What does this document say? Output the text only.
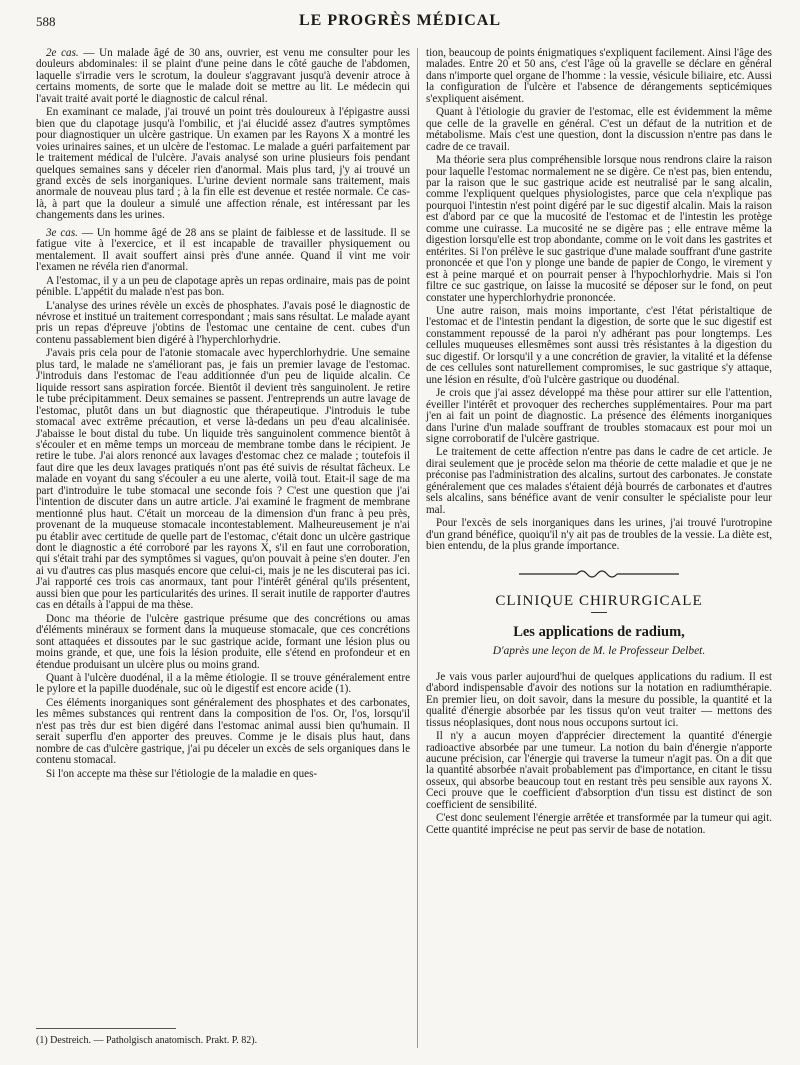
588	LE PROGRÈS MÉDICAL

2e cas. — Un malade âgé de 30 ans, ouvrier, est venu me consulter pour les douleurs abdominales: il se plaint d'une peine dans le côté gauche de l'abdomen, laquelle s'irradie vers le scrotum, la douleur s'aggravant jusqu'à devenir atroce à certains moments, de sorte que le malade doit se mettre au lit. Le médecin qui l'avait traité avait porté le diagnostic de calcul rénal.

En examinant ce malade, j'ai trouvé un point très douloureux à l'épigastre aussi bien que du clapotage jusqu'à l'ombilic, et j'ai élucidé assez d'autres symptômes pour diagnostiquer un ulcère gastrique. Un examen par les Rayons X a montré les voies urinaires saines, et un ulcère de l'estomac. Le malade a guéri parfaitement par le traitement médical de l'ulcère. J'avais analysé son urine plusieurs fois pendant quelques semaines sans y déceler rien d'anormal. Mais plus tard, j'y ai trouvé un grand excès de sels inorganiques. L'urine devient normale sans traitement, mais anormale de nouveau plus tard ; à la fin elle est devenue et restée normale. Ce cas-là, à part que la douleur a simulé une affection rénale, est intéressant par les changements dans les urines.

3e cas. — Un homme âgé de 28 ans se plaint de faiblesse et de lassitude. Il se fatigue vite à l'exercice, et il est incapable de travailler physiquement ou mentalement. Il avait souffert ainsi près d'une année. Quand il vint me voir l'examen ne révéla rien d'anormal.

A l'estomac, il y a un peu de clapotage après un repas ordinaire, mais pas de point pénible. L'appétit du malade n'est pas bon.

L'analyse des urines révèle un excès de phosphates. J'avais posé le diagnostic de névrose et institué un traitement correspondant ; mais sans résultat. Le malade ayant pris un repas d'épreuve j'obtins de l'estomac une centaine de cent. cubes d'un contenu passablement bien digéré à l'hyperchlorhydrie.

J'avais pris cela pour de l'atonie stomacale avec hyperchlorhydrie. Une semaine plus tard, le malade ne s'améliorant pas, je fais un premier lavage de l'estomac. J'introduis dans l'estomac de l'eau additionnée d'un peu de liquide alcalin. Ce liquide ressort sans aspiration forcée. Bientôt il devient très sanguinolent. Je retire le tube précipitamment. Deux semaines se passent. J'entreprends un autre lavage de l'estomac, plutôt dans un but diagnostic que thérapeutique. J'introduis le tube stomacal avec extrême précaution, et verse là-dedans un peu d'eau alcalinisée. J'abaisse le bout distal du tube. Un liquide très sanguinolent commence bientôt à s'écouler et en même temps un morceau de membrane tombe dans le récipient. Je retire le tube. J'ai alors renoncé aux lavages d'estomac chez ce malade ; toutefois il faut dire que les deux lavages pratiqués n'ont pas été suivis de résultat fâcheux. Le malade en voyant du sang s'écouler a eu une alerte, voilà tout. Etait-il sage de ma part d'introduire le tube stomacal une seconde fois ? C'est une question que j'ai l'intention de discuter dans un autre article. J'ai examiné le fragment de membrane mentionné plus haut. C'était un morceau de la dimension d'un franc à peu près, provenant de la muqueuse stomacale incontestablement. Malheureusement je n'ai pu établir avec certitude de quelle part de l'estomac, c'était donc un ulcère gastrique dont le diagnostic a été corroboré par les rayons X, s'il en faut une corroboration, qui s'était trahi par des symptômes si vagues, qu'on pouvait à peine s'en douter. J'en ai vu d'autres cas plus masqués encore que celui-ci, mais je ne les discuterai pas ici. J'ai rapporté ces trois cas anormaux, tant pour l'intérêt général qu'ils présentent, aussi bien que pour les particularités des urines. Il serait inutile de rapporter d'autres cas en détails à l'appui de ma thèse.

Donc ma théorie de l'ulcère gastrique présume que des concrétions ou amas d'éléments minéraux se forment dans la muqueuse stomacale, que ces concrétions sont attaquées et dissoutes par le suc gastrique acide, formant une lésion plus ou moins grande, et que, une fois la lésion produite, elle s'étend en profondeur et en étendue produisant un ulcère plus ou moins grand.

Quant à l'ulcère duodénal, il a la même étiologie. Il se trouve généralement entre le pylore et la papille duodénale, suc où le digestif est encore acide (1).

Ces éléments inorganiques sont généralement des phosphates et des carbonates, les mêmes substances qui rentrent dans la composition de l'os. Or, l'os, lorsqu'il n'est pas très dur est bien digéré dans l'estomac animal aussi bien qu'humain. Il serait superflu d'en apporter des preuves. Comme je le disais plus haut, dans nombre de cas d'ulcère gastrique, j'ai pu déceler un excès de sels organiques dans le contenu stomacal.

Si l'on accepte ma thèse sur l'étiologie de la maladie en ques-

tion, beaucoup de points énigmatiques s'expliquent facilement. Ainsi l'âge des malades. Entre 20 et 50 ans, c'est l'âge où la gravelle se déclare en général dans n'importe quel organe de l'homme : la vessie, vésicule biliaire, etc. Aussi la configuration de l'ulcère et l'absence de dérangements septicémiques s'expliquent aisément.

Quant à l'étiologie du gravier de l'estomac, elle est évidemment la même que celle de la gravelle en général. C'est un défaut de la nutrition et de métabolisme. Mais c'est une question, dont la discussion n'entre pas dans le cadre de ce travail.

Ma théorie sera plus compréhensible lorsque nous rendrons claire la raison pour laquelle l'estomac normalement ne se digère. Ce n'est pas, bien entendu, par la raison que le suc gastrique acide est neutralisé par le sang alcalin, comme l'expliquent quelques physiologistes, parce que cela n'explique pas pourquoi l'intestin n'est point digéré par le suc digestif alcalin. Mais la raison est d'abord par ce que la mucosité de l'estomac et de l'intestin les protège comme une cuirasse. La mucosité ne se digère pas ; elle entrave même la digestion lorsqu'elle est trop abondante, comme on le voit dans les gastrites et entérites. Si l'on prélève le suc gastrique d'une malade souffrant d'une gastrite prononcée et que l'on y plonge une bande de papier de Congo, le virement y est à peine marqué et on pourrait penser à l'hypochlorhydrie. Mais si l'on filtre ce suc gastrique, on laisse la mucosité se déposer sur le fond, on peut constater une hyperchlorhydrie prononcée.

Une autre raison, mais moins importante, c'est l'état péristaltique de l'estomac et de l'intestin pendant la digestion, de sorte que le suc digestif est constamment repoussé de la paroi n'y adhérant pas pour longtemps. Les cellules muqueuses ellesmêmes sont aussi très résistantes à la digestion du suc digestif. Or lorsqu'il y a une concrétion de gravier, la vitalité et la défense de ces cellules sont naturellement compromises, le suc gastrique s'y attaque, une lésion en résulte, d'où l'ulcère gastrique ou duodénal.

Je crois que j'ai assez développé ma thèse pour attirer sur elle l'attention, éveiller l'intérêt et provoquer des recherches supplémentaires. Pour ma part j'en ai fait un point de diagnostic. La présence des éléments inorganiques dans l'urine d'un malade souffrant de troubles stomacaux est pour moi un signe corroboratif de l'ulcère gastrique.

Le traitement de cette affection n'entre pas dans le cadre de cet article. Je dirai seulement que je procède selon ma théorie de cette maladie et que je ne préconise pas l'administration des alcalins, surtout des carbonates. Je constate généralement que ces malades s'étaient déjà bourrés de carbonates et d'autres sels alcalins, sans bénéfice avant de venir consulter le spécialiste pour leur mal.

Pour l'excès de sels inorganiques dans les urines, j'ai trouvé l'urotropine d'un grand bénéfice, quoiqu'il n'y ait pas de troubles de la vessie. La diète est, bien entendu, de la plus grande importance.

CLINIQUE CHIRURGICALE
Les applications de radium,
D'après une leçon de M. le Professeur Delbet.

Je vais vous parler aujourd'hui de quelques applications du radium. Il est d'abord indispensable d'avoir des notions sur la notation en radiumthérapie. En premier lieu, on doit savoir, dans la mesure du possible, la quantité et la qualité d'énergie absorbée par les tissus qu'on veut traiter — mettons des tissus néoplasiques, dont nous nous occupons surtout ici.

Il n'y a aucun moyen d'apprécier directement la quantité d'énergie radioactive absorbée par une tumeur. La notion du bain d'énergie n'apporte aucune précision, car l'énergie qui traverse la tumeur n'agit pas. On a dit que la quantité absorbée n'avait probablement pas d'importance, en citant le tissu osseux, qui absorbe beaucoup tout en restant très peu sensible aux rayons X. Ceci prouve que le coefficient d'absorption d'un tissu est distinct de son coefficient de sensibilité.

C'est donc seulement l'énergie arrêtée et transformée par la tumeur qui agit. Cette quantité imprécise ne peut pas servir de base de notation.

(1) Destreich. — Patholgisch anatomisch. Prakt. P. 82).
